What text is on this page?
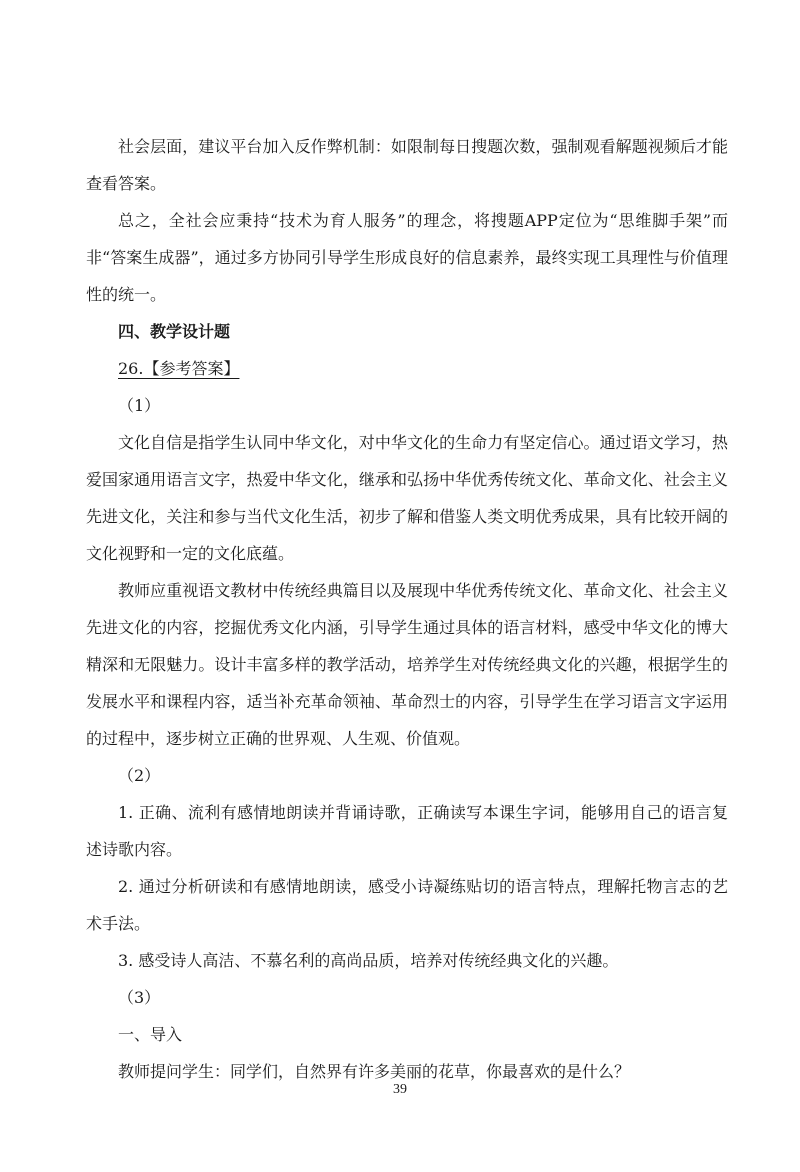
社会层面，建议平台加入反作弊机制：如限制每日搜题次数，强制观看解题视频后才能查看答案。

总之，全社会应秉持“技术为育人服务”的理念，将搜题APP定位为“思维脚手架”而非“答案生成器”，通过多方协同引导学生形成良好的信息素养，最终实现工具理性与价值理性的统一。

四、教学设计题

26.【参考答案】

（1）

文化自信是指学生认同中华文化，对中华文化的生命力有坚定信心。通过语文学习，热爱国家通用语言文字，热爱中华文化，继承和弘扬中华优秀传统文化、革命文化、社会主义先进文化，关注和参与当代文化生活，初步了解和借鉴人类文明优秀成果，具有比较开阔的文化视野和一定的文化底蕴。

教师应重视语文教材中传统经典篇目以及展现中华优秀传统文化、革命文化、社会主义先进文化的内容，挖掘优秀文化内涵，引导学生通过具体的语言材料，感受中华文化的博大精深和无限魅力。设计丰富多样的教学活动，培养学生对传统经典文化的兴趣，根据学生的发展水平和课程内容，适当补充革命领袖、革命烈士的内容，引导学生在学习语言文字运用的过程中，逐步树立正确的世界观、人生观、价值观。

（2）

1. 正确、流利有感情地朗读并背诵诗歌，正确读写本课生字词，能够用自己的语言复述诗歌内容。

2. 通过分析研读和有感情地朗读，感受小诗凝练贴切的语言特点，理解托物言志的艺术手法。

3. 感受诗人高洁、不慕名利的高尚品质，培养对传统经典文化的兴趣。

（3）

一、导入

教师提问学生：同学们，自然界有许多美丽的花草，你最喜欢的是什么？

39
